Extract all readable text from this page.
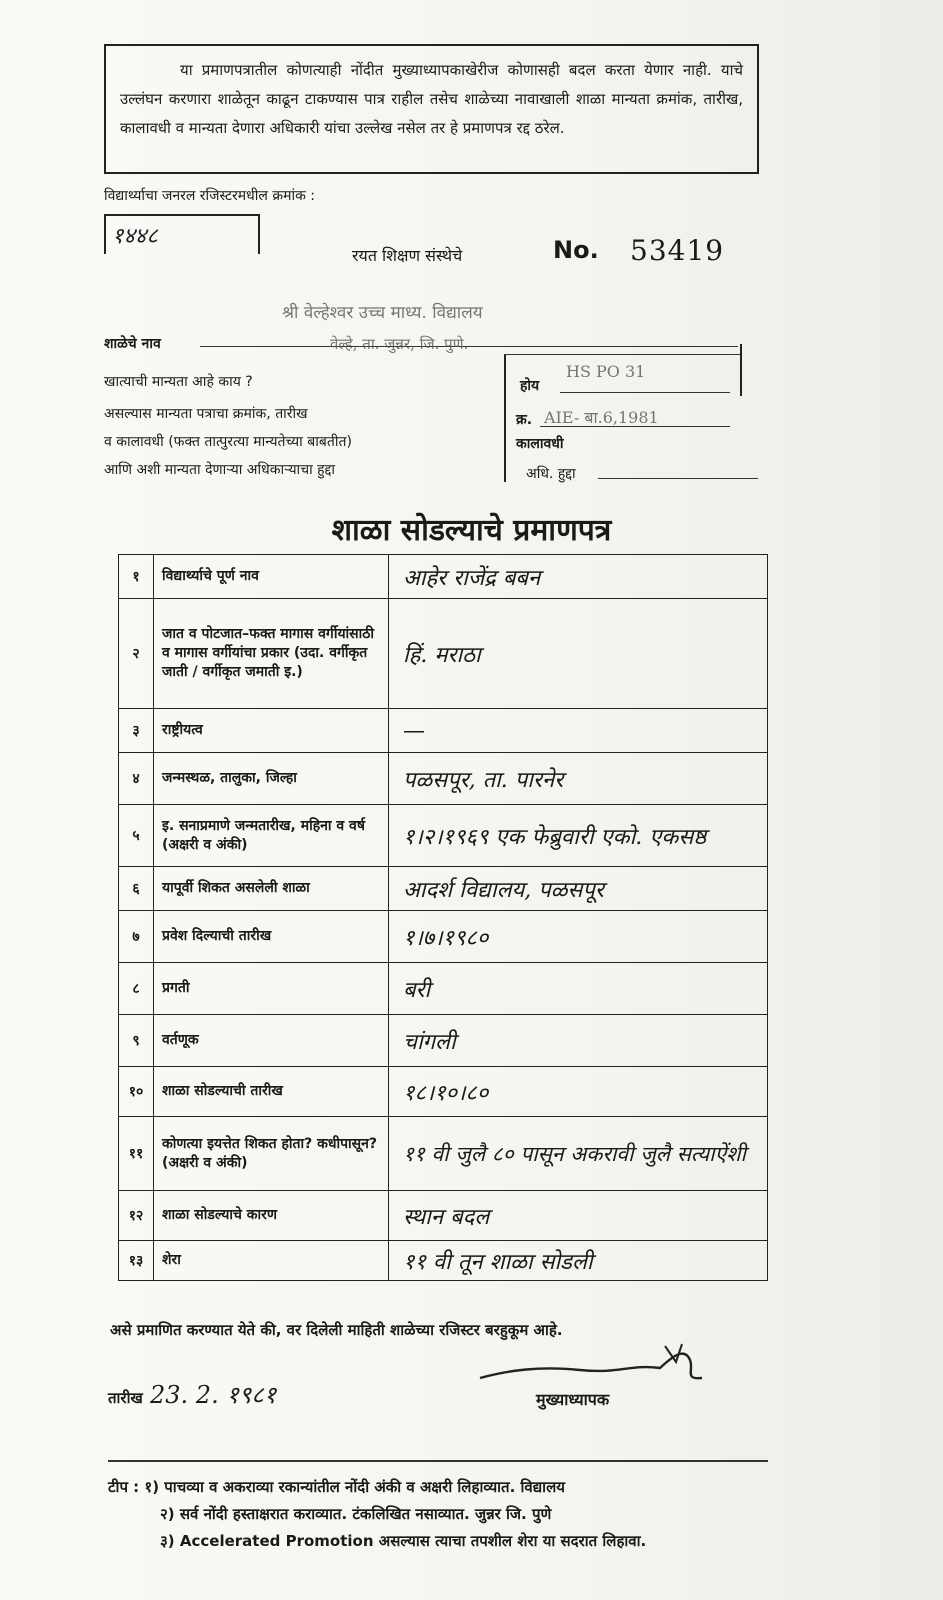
या प्रमाणपत्रातील कोणत्याही नोंदीत मुख्याध्यापकाखेरीज कोणासही बदल करता येणार नाही. याचे उल्लंघन करणारा शाळेतून काढून टाकण्यास पात्र राहील तसेच शाळेच्या नावाखाली शाळा मान्यता क्रमांक, तारीख, कालावधी व मान्यता देणारा अधिकारी यांचा उल्लेख नसेल तर हे प्रमाणपत्र रद्द ठरेल.

विद्यार्थ्याचा जनरल रजिस्टरमधील क्रमांक :
१४४८
रयत शिक्षण संस्थेचे	No. 53419
श्री वेल्हेश्वर उच्च माध्य. विद्यालय
शाळेचे नाव	वेल्हे, ता. जुन्नर, जि. पुणे.
खात्याची मान्यता आहे काय ?
असल्यास मान्यता पत्राचा क्रमांक, तारीख
व कालावधी (फक्त तात्पुरत्या मान्यतेच्या बाबतीत)
आणि अशी मान्यता देणाऱ्या अधिकाऱ्याचा हुद्दा
होय
HS PO 31
क्र. AIE- बा.6,1981
कालावधी
अधि. हुद्दा
शाळा सोडल्याचे प्रमाणपत्र
१	विद्यार्थ्याचे पूर्ण नाव	आहेर राजेंद्र बबन

२	जात व पोटजात–फक्त मागास वर्गीयांसाठी व मागास वर्गीयांचा प्रकार (उदा. वर्गीकृत जाती / वर्गीकृत जमाती इ.)	हिं. मराठा

३	राष्ट्रीयत्व	—

४	जन्मस्थळ, तालुका, जिल्हा	पळसपूर, ता. पारनेर

५	इ. सनाप्रमाणे जन्मतारीख, महिना व वर्ष (अक्षरी व अंकी)	१।२।१९६९ एक फेब्रुवारी एको. एकसष्ठ

६	यापूर्वी शिकत असलेली शाळा	आदर्श विद्यालय, पळसपूर

७	प्रवेश दिल्याची तारीख	१।७।१९८०

८	प्रगती	बरी

९	वर्तणूक	चांगली

१०	शाळा सोडल्याची तारीख	१८।१०।८०

११	कोणत्या इयत्तेत शिकत होता? कधीपासून? (अक्षरी व अंकी)	११ वी जुलै ८० पासून अकरावी जुलै सत्याऐंशी

१२	शाळा सोडल्याचे कारण	स्थान बदल

१३	शेरा	११ वी तून शाळा सोडली
असे प्रमाणित करण्यात येते की, वर दिलेली माहिती शाळेच्या रजिस्टर बरहुकूम आहे.
तारीख 23. 2. १९८१	मुख्याध्यापक
टीप : १) पाचव्या व अकराव्या रकान्यांतील नोंदी अंकी व अक्षरी लिहाव्यात. विद्यालय
२) सर्व नोंदी हस्ताक्षरात कराव्यात. टंकलिखित नसाव्यात. जुन्नर जि. पुणे
३) Accelerated Promotion असल्यास त्याचा तपशील शेरा या सदरात लिहावा.
